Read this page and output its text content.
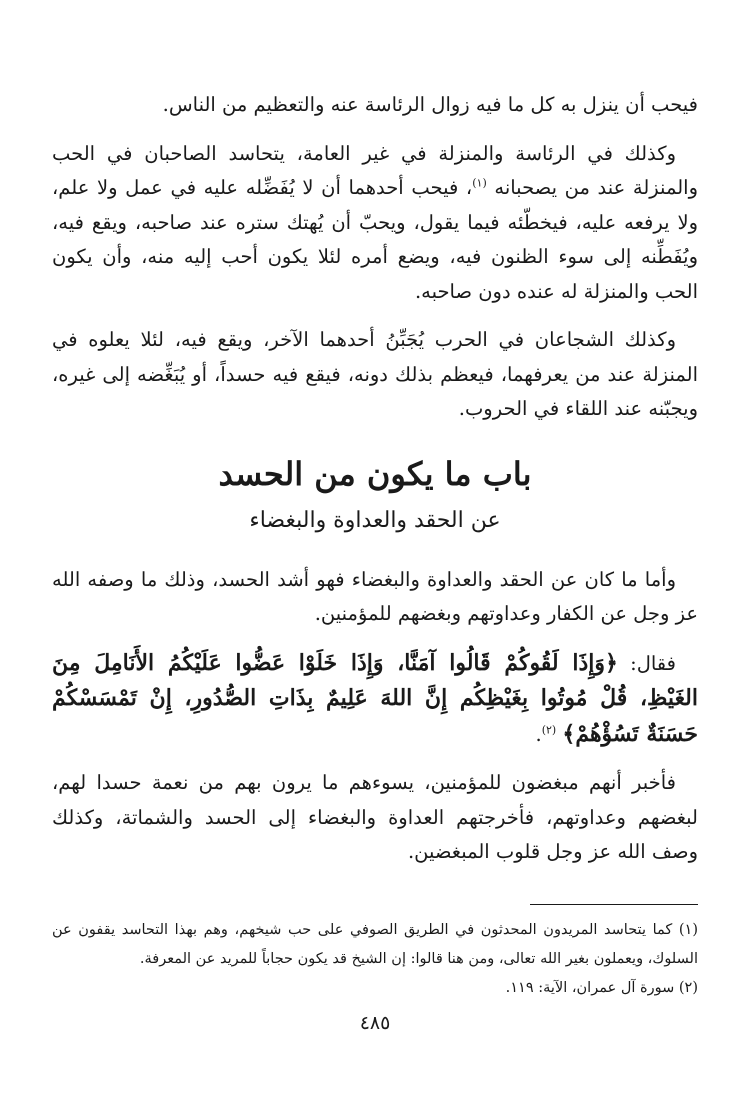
فيحب أن ينزل به كل ما فيه زوال الرئاسة عنه والتعظيم من الناس.

وكذلك في الرئاسة والمنزلة في غير العامة، يتحاسد الصاحبان في الحب والمنزلة عند من يصحبانه $^{(١)}$، فيحب أحدهما أن لا يُفَضِّله عليه في عمل ولا علم، ولا يرفعه عليه، فيخطّئه فيما يقول، ويحبّ أن يُهتك ستره عند صاحبه، ويقع فيه، ويُفَطِّنه إلى سوء الظنون فيه، ويضع أمره لئلا يكون أحب إليه منه، وأن يكون الحب والمنزلة له عنده دون صاحبه.

وكذلك الشجاعان في الحرب يُجَبِّنُ أحدهما الآخر، ويقع فيه، لئلا يعلوه في المنزلة عند من يعرفهما، فيعظم بذلك دونه، فيقع فيه حسداً، أو يُبَغِّضه إلى غيره، ويجبّنه عند اللقاء في الحروب.

باب ما يكون من الحسد
عن الحقد والعداوة والبغضاء

وأما ما كان عن الحقد والعداوة والبغضاء فهو أشد الحسد، وذلك ما وصفه الله عز وجل عن الكفار وعداوتهم وبغضهم للمؤمنين.

فقال: ﴿وَإِذَا لَقُوكُمْ قَالُوا آمَنَّا، وَإِذَا خَلَوْا عَضُّوا عَلَيْكُمُ الأَنَامِلَ مِنَ الغَيْظِ، قُلْ مُوتُوا بِغَيْظِكُم إِنَّ اللهَ عَلِيمٌ بِذَاتِ الصُّدُورِ، إِنْ تَمْسَسْكُمْ حَسَنَةٌ تَسُؤْهُمْ﴾ $^{(٢)}$.

فأخبر أنهم مبغضون للمؤمنين، يسوءهم ما يرون بهم من نعمة حسدا لهم، لبغضهم وعداوتهم، فأخرجتهم العداوة والبغضاء إلى الحسد والشماتة، وكذلك وصف الله عز وجل قلوب المبغضين.

(١) كما يتحاسد المريدون المحدثون في الطريق الصوفي على حب شيخهم، وهم بهذا التحاسد يقفون عن السلوك، ويعملون بغير الله تعالى، ومن هنا قالوا: إن الشيخ قد يكون حجاباً للمريد عن المعرفة.

(٢) سورة آل عمران، الآية: ١١٩.

٤٨٥
